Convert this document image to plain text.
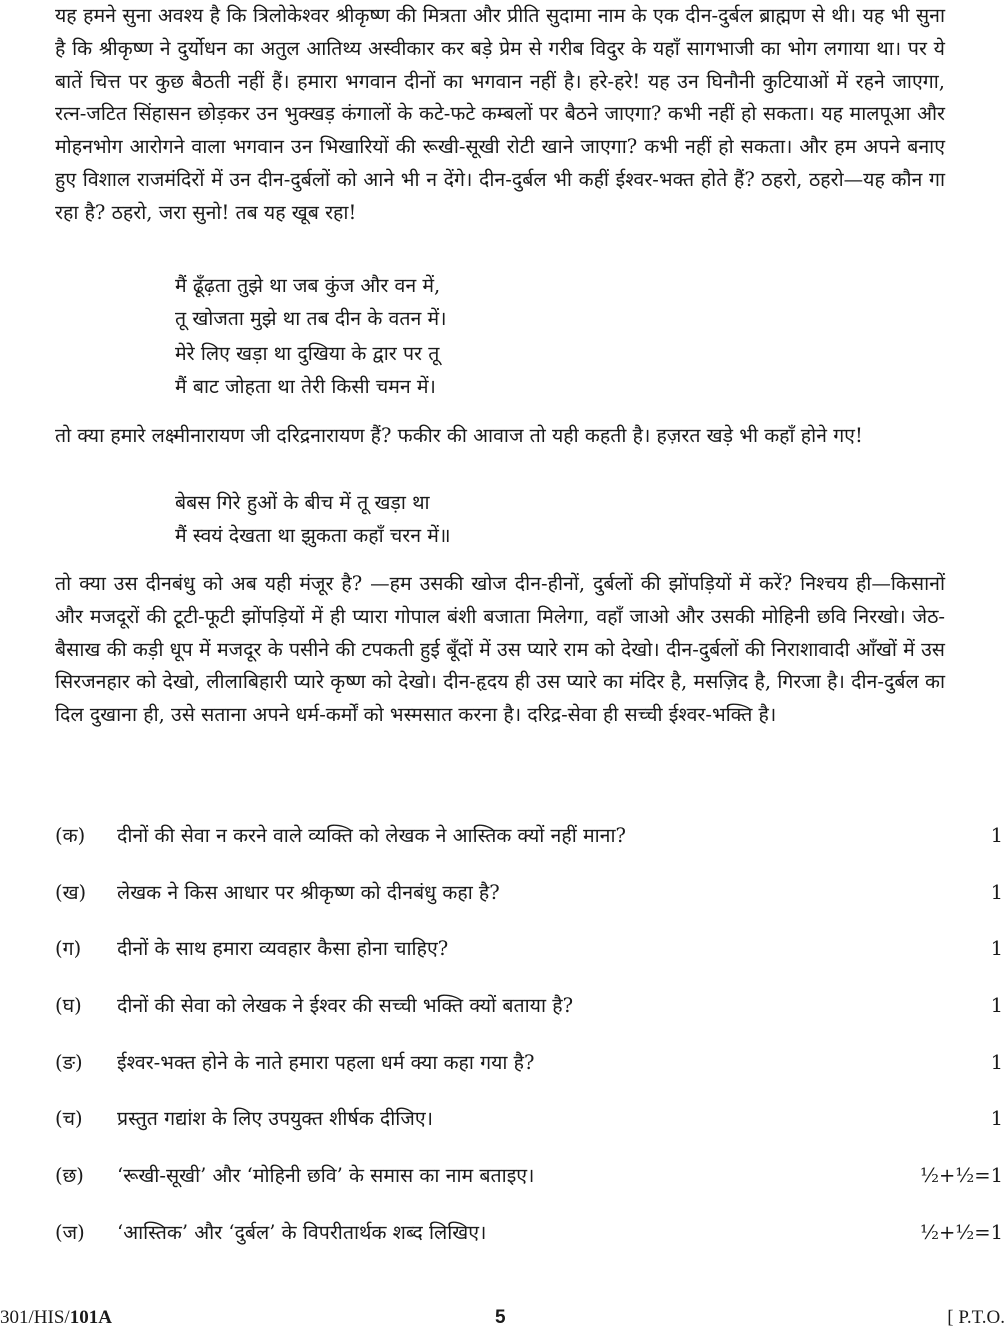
यह हमने सुना अवश्य है कि त्रिलोकेश्वर श्रीकृष्ण की मित्रता और प्रीति सुदामा नाम के एक दीन-दुर्बल ब्राह्मण से थी। यह भी सुना है कि श्रीकृष्ण ने दुर्योधन का अतुल आतिथ्य अस्वीकार कर बड़े प्रेम से गरीब विदुर के यहाँ सागभाजी का भोग लगाया था। पर ये बातें चित्त पर कुछ बैठती नहीं हैं। हमारा भगवान दीनों का भगवान नहीं है। हरे-हरे! यह उन घिनौनी कुटियाओं में रहने जाएगा, रत्न-जटित सिंहासन छोड़कर उन भुक्खड़ कंगालों के कटे-फटे कम्बलों पर बैठने जाएगा? कभी नहीं हो सकता। यह मालपूआ और मोहनभोग आरोगने वाला भगवान उन भिखारियों की रूखी-सूखी रोटी खाने जाएगा? कभी नहीं हो सकता। और हम अपने बनाए हुए विशाल राजमंदिरों में उन दीन-दुर्बलों को आने भी न देंगे। दीन-दुर्बल भी कहीं ईश्वर-भक्त होते हैं? ठहरो, ठहरो—यह कौन गा रहा है? ठहरो, जरा सुनो! तब यह खूब रहा!

मैं ढूँढ़ता तुझे था जब कुंज और वन में,
तू खोजता मुझे था तब दीन के वतन में।
मेरे लिए खड़ा था दुखिया के द्वार पर तू
मैं बाट जोहता था तेरी किसी चमन में।

तो क्या हमारे लक्ष्मीनारायण जी दरिद्रनारायण हैं? फकीर की आवाज तो यही कहती है। हज़रत खड़े भी कहाँ होने गए!

बेबस गिरे हुओं के बीच में तू खड़ा था
मैं स्वयं देखता था झुकता कहाँ चरन में॥

तो क्या उस दीनबंधु को अब यही मंजूर है? —हम उसकी खोज दीन-हीनों, दुर्बलों की झोंपड़ियों में करें? निश्चय ही—किसानों और मजदूरों की टूटी-फूटी झोंपड़ियों में ही प्यारा गोपाल बंशी बजाता मिलेगा, वहाँ जाओ और उसकी मोहिनी छवि निरखो। जेठ-बैसाख की कड़ी धूप में मजदूर के पसीने की टपकती हुई बूँदों में उस प्यारे राम को देखो। दीन-दुर्बलों की निराशावादी आँखों में उस सिरजनहार को देखो, लीलाबिहारी प्यारे कृष्ण को देखो। दीन-हृदय ही उस प्यारे का मंदिर है, मसज़िद है, गिरजा है। दीन-दुर्बल का दिल दुखाना ही, उसे सताना अपने धर्म-कर्मों को भस्मसात करना है। दरिद्र-सेवा ही सच्ची ईश्वर-भक्ति है।

(क) दीनों की सेवा न करने वाले व्यक्ति को लेखक ने आस्तिक क्यों नहीं माना?	1
(ख) लेखक ने किस आधार पर श्रीकृष्ण को दीनबंधु कहा है?	1
(ग) दीनों के साथ हमारा व्यवहार कैसा होना चाहिए?	1
(घ) दीनों की सेवा को लेखक ने ईश्वर की सच्ची भक्ति क्यों बताया है?	1
(ङ) ईश्वर-भक्त होने के नाते हमारा पहला धर्म क्या कहा गया है?	1
(च) प्रस्तुत गद्यांश के लिए उपयुक्त शीर्षक दीजिए।	1
(छ) ‘रूखी-सूखी’ और ‘मोहिनी छवि’ के समास का नाम बताइए।	½+½=1
(ज) ‘आस्तिक’ और ‘दुर्बल’ के विपरीतार्थक शब्द लिखिए।	½+½=1
301/HIS/101A	5	[ P.T.O.
